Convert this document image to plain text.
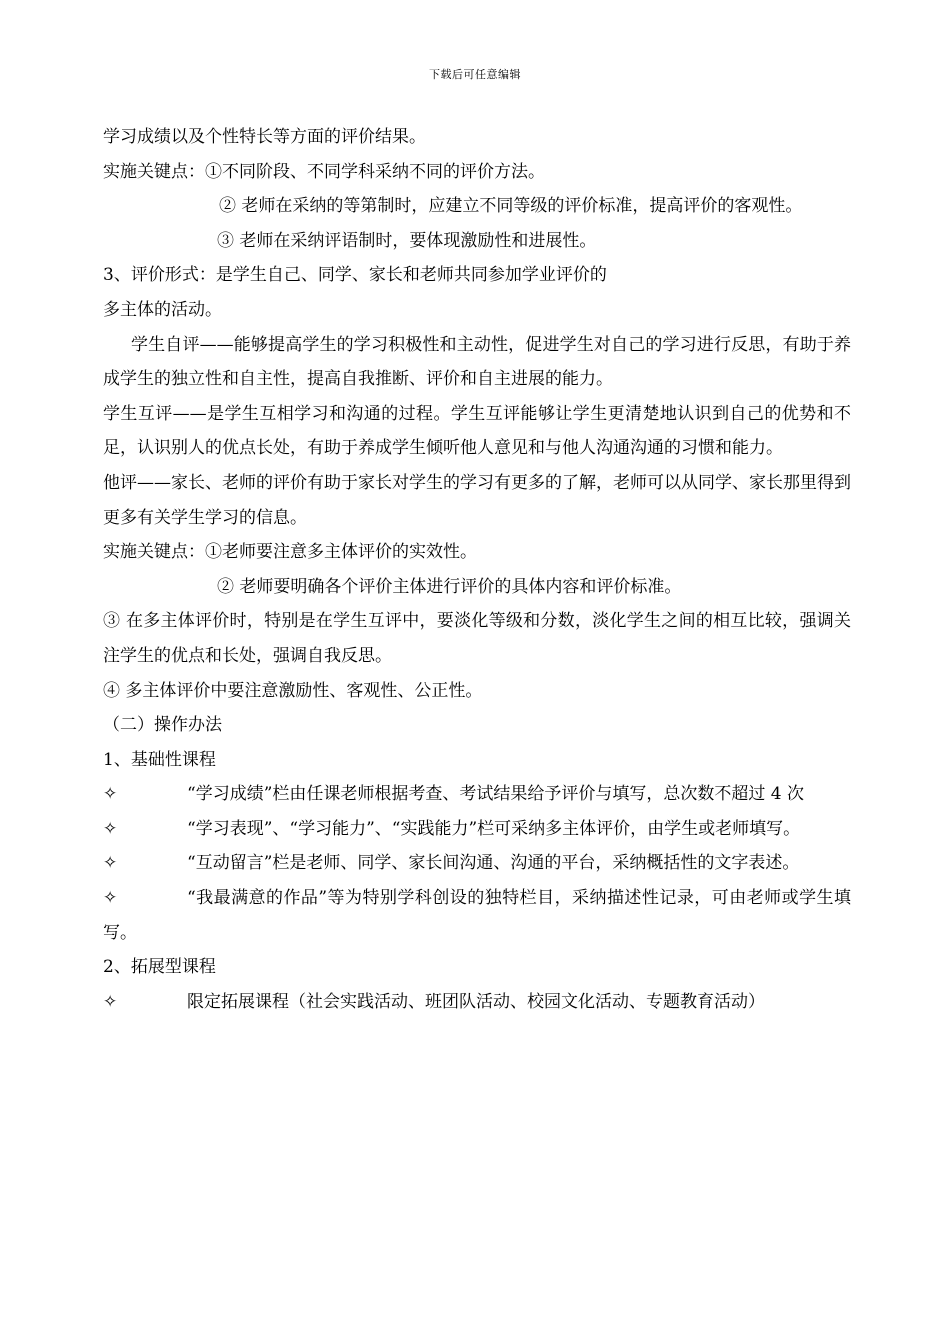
下载后可任意编辑

学习成绩以及个性特长等方面的评价结果。

实施关键点：①不同阶段、不同学科采纳不同的评价方法。

② 老师在采纳的等第制时，应建立不同等级的评价标准，提高评价的客观性。

③ 老师在采纳评语制时，要体现激励性和进展性。

3、评价形式：是学生自己、同学、家长和老师共同参加学业评价的

多主体的活动。

学生自评——能够提高学生的学习积极性和主动性，促进学生对自己的学习进行反思，有助于养成学生的独立性和自主性，提高自我推断、评价和自主进展的能力。

学生互评——是学生互相学习和沟通的过程。学生互评能够让学生更清楚地认识到自己的优势和不足，认识别人的优点长处，有助于养成学生倾听他人意见和与他人沟通沟通的习惯和能力。

他评——家长、老师的评价有助于家长对学生的学习有更多的了解，老师可以从同学、家长那里得到更多有关学生学习的信息。

实施关键点：①老师要注意多主体评价的实效性。

② 老师要明确各个评价主体进行评价的具体内容和评价标准。

③ 在多主体评价时，特别是在学生互评中，要淡化等级和分数，淡化学生之间的相互比较，强调关注学生的优点和长处，强调自我反思。

④ 多主体评价中要注意激励性、客观性、公正性。

（二）操作办法

1、基础性课程

✧	“学习成绩”栏由任课老师根据考查、考试结果给予评价与填写，总次数不超过 4 次

✧	“学习表现”、“学习能力”、“实践能力”栏可采纳多主体评价，由学生或老师填写。

✧	“互动留言”栏是老师、同学、家长间沟通、沟通的平台，采纳概括性的文字表述。

✧	“我最满意的作品”等为特别学科创设的独特栏目，采纳描述性记录，可由老师或学生填写。

2、拓展型课程

✧	限定拓展课程（社会实践活动、班团队活动、校园文化活动、专题教育活动）
